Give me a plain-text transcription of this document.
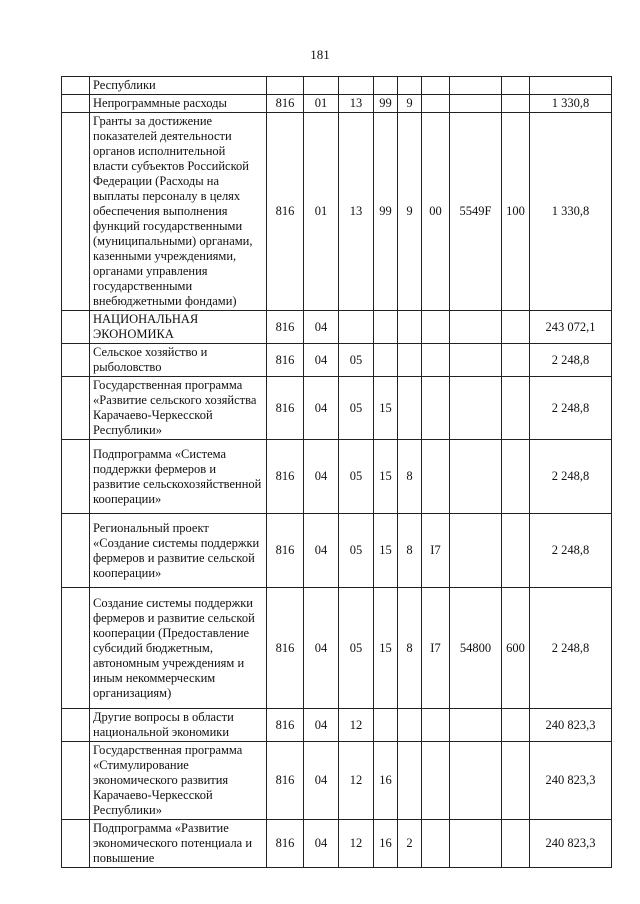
181
	Республики									
	Непрограммные расходы	816	01	13	99	9				1 330,8
	Гранты за достижение показателей деятельности органов исполнительной власти субъектов Российской Федерации (Расходы на выплаты персоналу в целях обеспечения выполнения функций государственными (муниципальными) органами, казенными учреждениями, органами управления государственными внебюджетными фондами)	816	01	13	99	9	00	5549F	100	1 330,8
	НАЦИОНАЛЬНАЯ ЭКОНОМИКА	816	04							243 072,1
	Сельское хозяйство и рыболовство	816	04	05						2 248,8
	Государственная программа «Развитие сельского хозяйства Карачаево-Черкесской Республики»	816	04	05	15					2 248,8
	Подпрограмма «Система поддержки фермеров и развитие сельскохозяйственной кооперации»	816	04	05	15	8				2 248,8
	Региональный проект «Создание системы поддержки фермеров и развитие сельской кооперации»	816	04	05	15	8	I7			2 248,8
	Создание системы поддержки фермеров и развитие сельской кооперации (Предоставление субсидий бюджетным, автономным учреждениям и иным некоммерческим организациям)	816	04	05	15	8	I7	54800	600	2 248,8
	Другие вопросы в области национальной экономики	816	04	12						240 823,3
	Государственная программа «Стимулирование экономического развития Карачаево-Черкесской Республики»	816	04	12	16					240 823,3
	Подпрограмма «Развитие экономического потенциала и повышение	816	04	12	16	2				240 823,3
